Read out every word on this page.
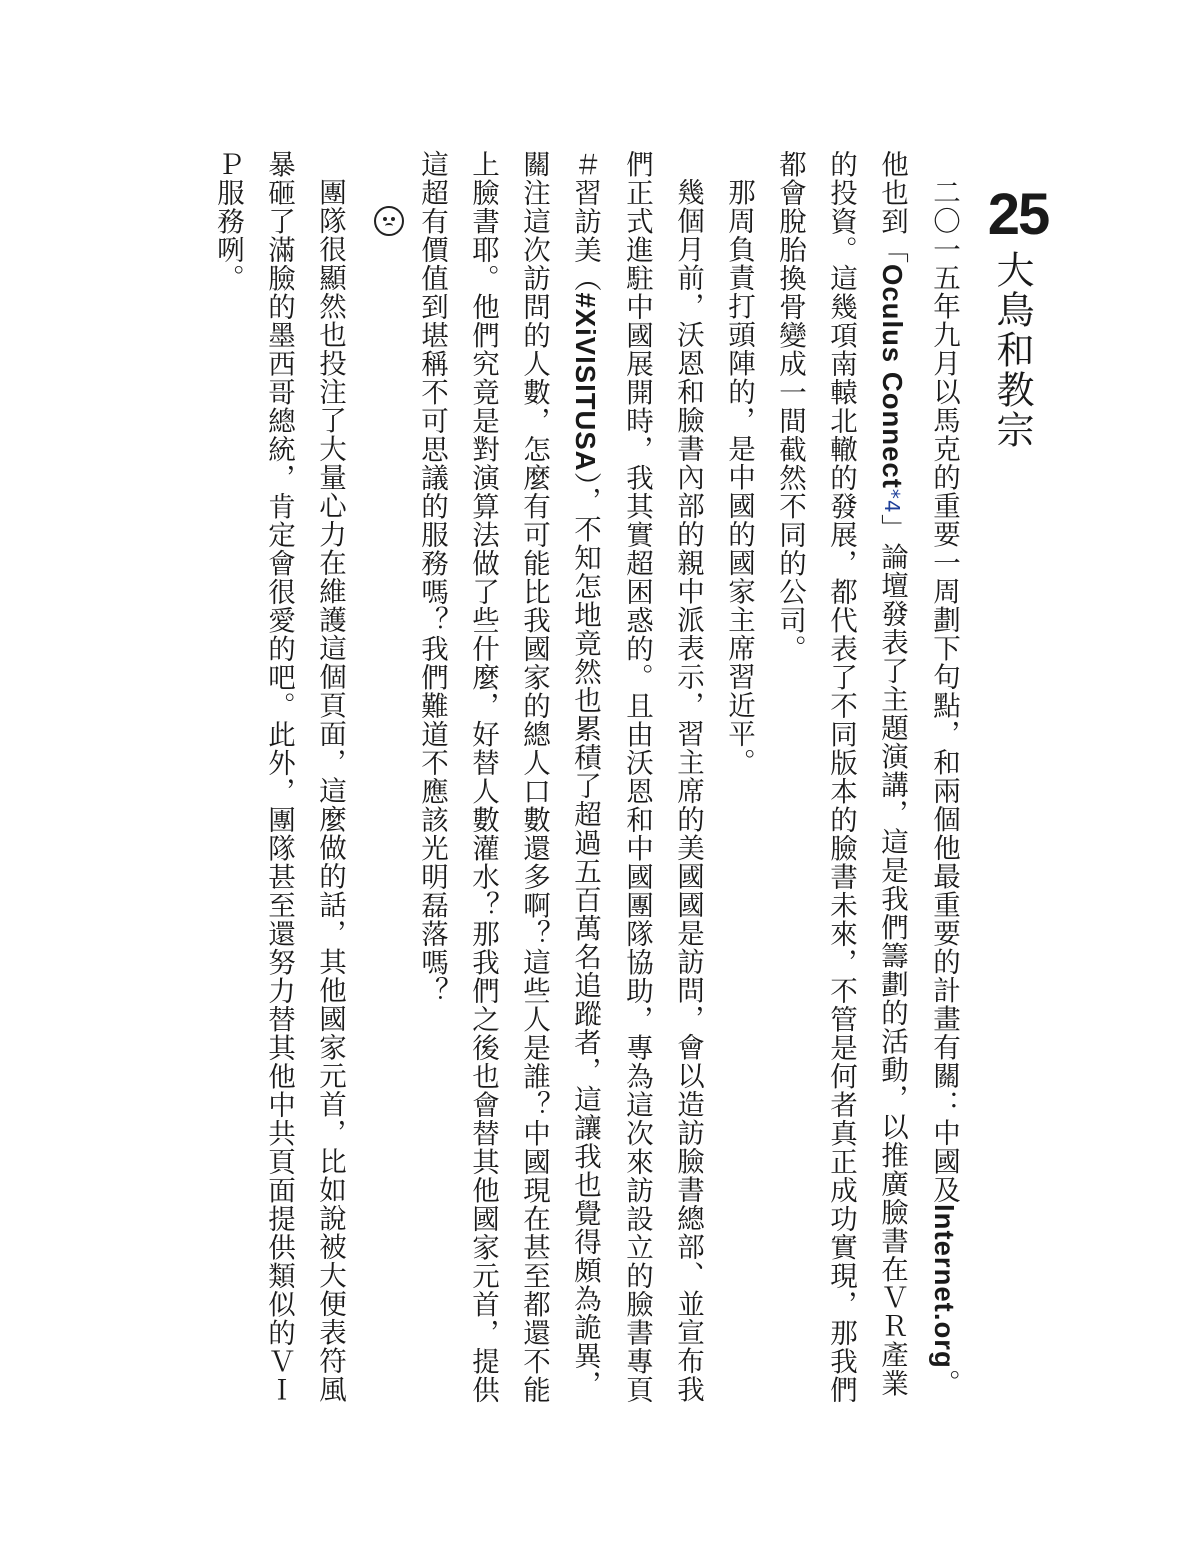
25
大鳥和教宗

二〇一五年九月以馬克的重要一周劃下句點，和兩個他最重要的計畫有關：中國及Internet.org。他也到「Oculus Connect*4」論壇發表了主題演講，這是我們籌劃的活動，以推廣臉書在ＶＲ產業的投資。這幾項南轅北轍的發展，都代表了不同版本的臉書未來，不管是何者真正成功實現，那我們都會脫胎換骨變成一間截然不同的公司。

那周負責打頭陣的，是中國的國家主席習近平。

幾個月前，沃恩和臉書內部的親中派表示，習主席的美國國是訪問，會以造訪臉書總部、並宣布我們正式進駐中國展開時，我其實超困惑的。且由沃恩和中國團隊協助，專為這次來訪設立的臉書專頁＃習訪美（#XiVISITUSA），不知怎地竟然也累積了超過五百萬名追蹤者，這讓我也覺得頗為詭異，關注這次訪問的人數，怎麼有可能比我國家的總人口數還多啊？這些人是誰？中國現在甚至都還不能上臉書耶。他們究竟是對演算法做了些什麼，好替人數灌水？那我們之後也會替其他國家元首，提供這超有價值到堪稱不可思議的服務嗎？我們難道不應該光明磊落嗎？

團隊很顯然也投注了大量心力在維護這個頁面，這麼做的話，其他國家元首，比如說被大便表符風暴砸了滿臉的墨西哥總統，肯定會很愛的吧。此外，團隊甚至還努力替其他中共頁面提供類似的ＶＩＰ服務咧。
